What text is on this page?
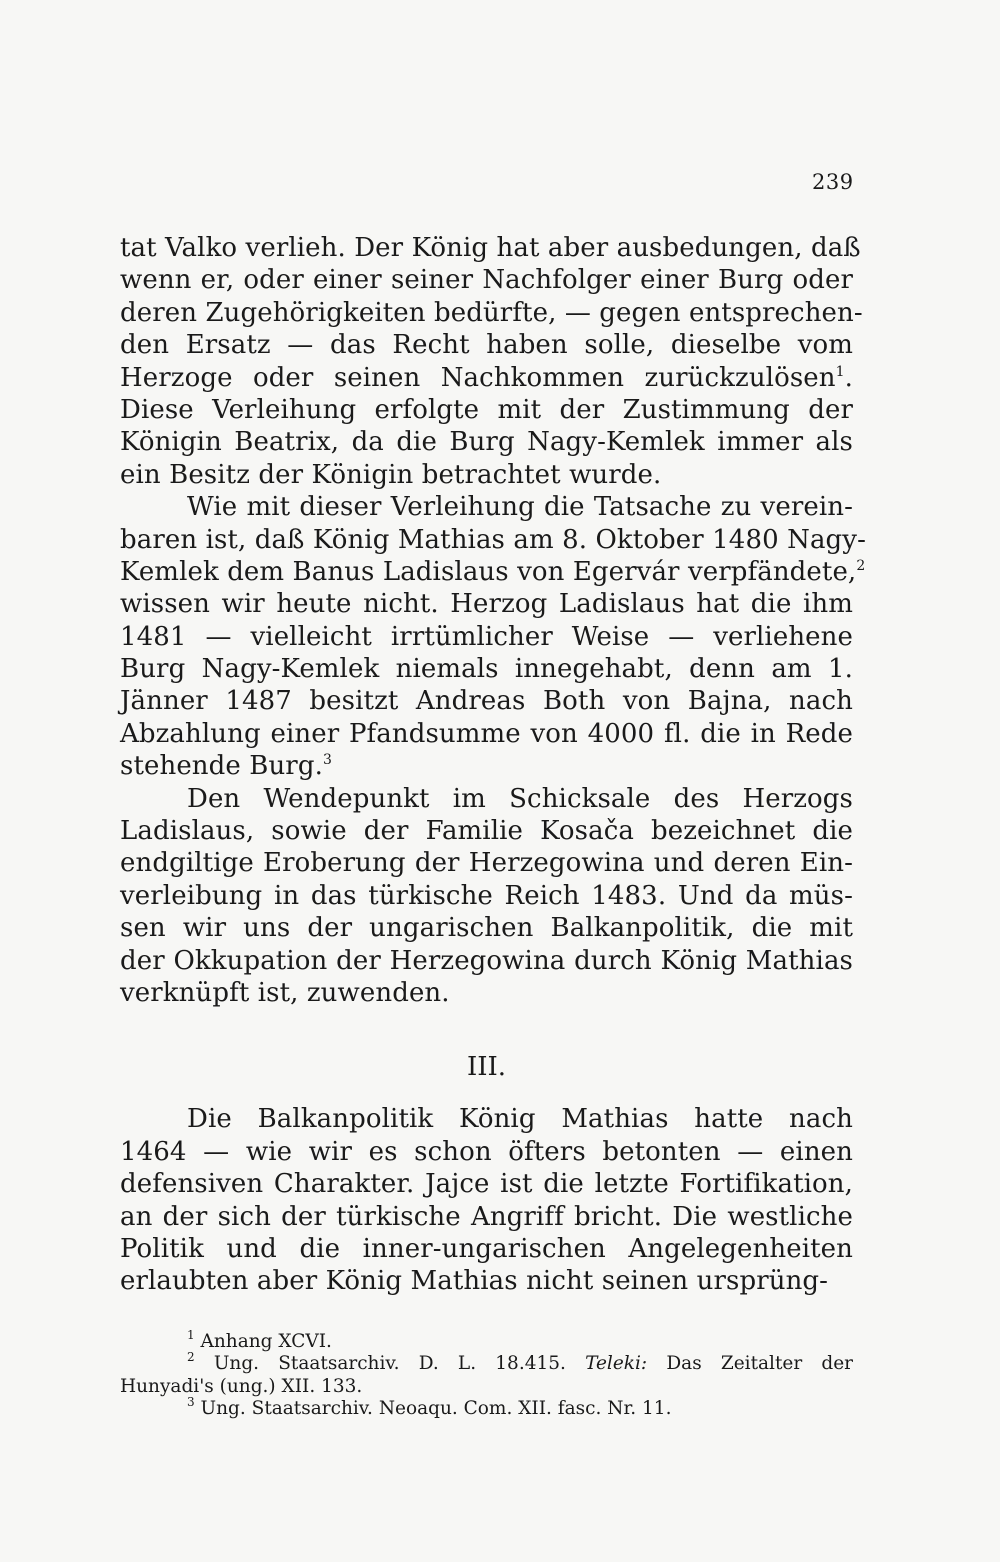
239
tat Valko verlieh. Der König hat aber ausbedungen, daß
wenn er, oder einer seiner Nachfolger einer Burg oder
deren Zugehörigkeiten bedürfte, — gegen entsprechen-
den Ersatz — das Recht haben solle, dieselbe vom
Herzoge oder seinen Nachkommen zurückzulösen$^1$.
Diese Verleihung erfolgte mit der Zustimmung der
Königin Beatrix, da die Burg Nagy-Kemlek immer als
ein Besitz der Königin betrachtet wurde.
Wie mit dieser Verleihung die Tatsache zu verein-
baren ist, daß König Mathias am 8. Oktober 1480 Nagy-
Kemlek dem Banus Ladislaus von Egervár verpfändete,$^2$
wissen wir heute nicht. Herzog Ladislaus hat die ihm
1481 — vielleicht irrtümlicher Weise — verliehene
Burg Nagy-Kemlek niemals innegehabt, denn am 1.
Jänner 1487 besitzt Andreas Both von Bajna, nach
Abzahlung einer Pfandsumme von 4000 fl. die in Rede
stehende Burg.$^3$
Den Wendepunkt im Schicksale des Herzogs
Ladislaus, sowie der Familie Kosača bezeichnet die
endgiltige Eroberung der Herzegowina und deren Ein-
verleibung in das türkische Reich 1483. Und da müs-
sen wir uns der ungarischen Balkanpolitik, die mit
der Okkupation der Herzegowina durch König Mathias
verknüpft ist, zuwenden.
III.
Die Balkanpolitik König Mathias hatte nach
1464 — wie wir es schon öfters betonten — einen
defensiven Charakter. Jajce ist die letzte Fortifikation,
an der sich der türkische Angriff bricht. Die westliche
Politik und die inner-ungarischen Angelegenheiten
erlaubten aber König Mathias nicht seinen ursprüng-
$^1$ Anhang XCVI.
$^2$ Ung. Staatsarchiv. D. L. 18.415. Teleki: Das Zeitalter der
Hunyadi's (ung.) XII. 133.
$^3$ Ung. Staatsarchiv. Neoaqu. Com. XII. fasc. Nr. 11.
